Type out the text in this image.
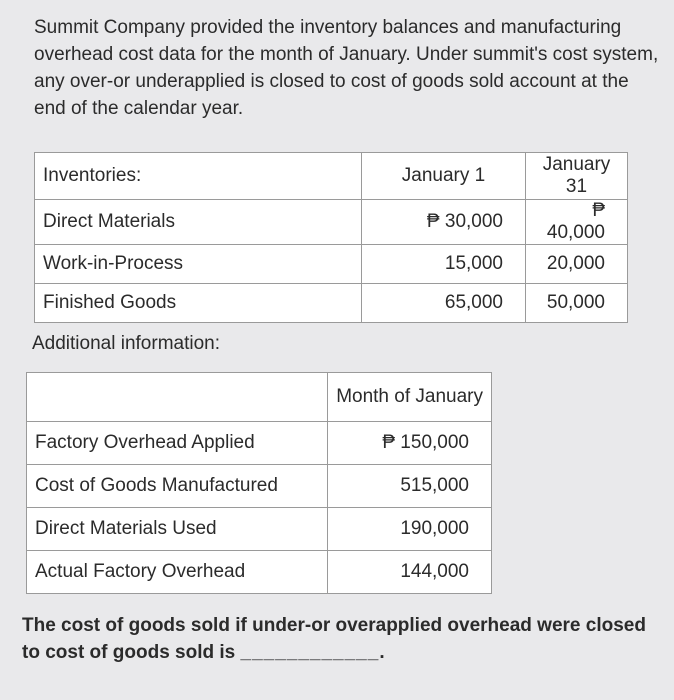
Summit Company provided the inventory balances and manufacturing overhead cost data for the month of January. Under summit's cost system, any over-or underapplied is closed to cost of goods sold account at the end of the calendar year.

Inventories:	January 1	January 31
Direct Materials	₱ 30,000	₱ 40,000
Work-in-Process	15,000	20,000
Finished Goods	65,000	50,000

Additional information:

	Month of January
Factory Overhead Applied	₱ 150,000
Cost of Goods Manufactured	515,000
Direct Materials Used	190,000
Actual Factory Overhead	144,000

The cost of goods sold if under-or overapplied overhead were closed to cost of goods sold is ____________.
